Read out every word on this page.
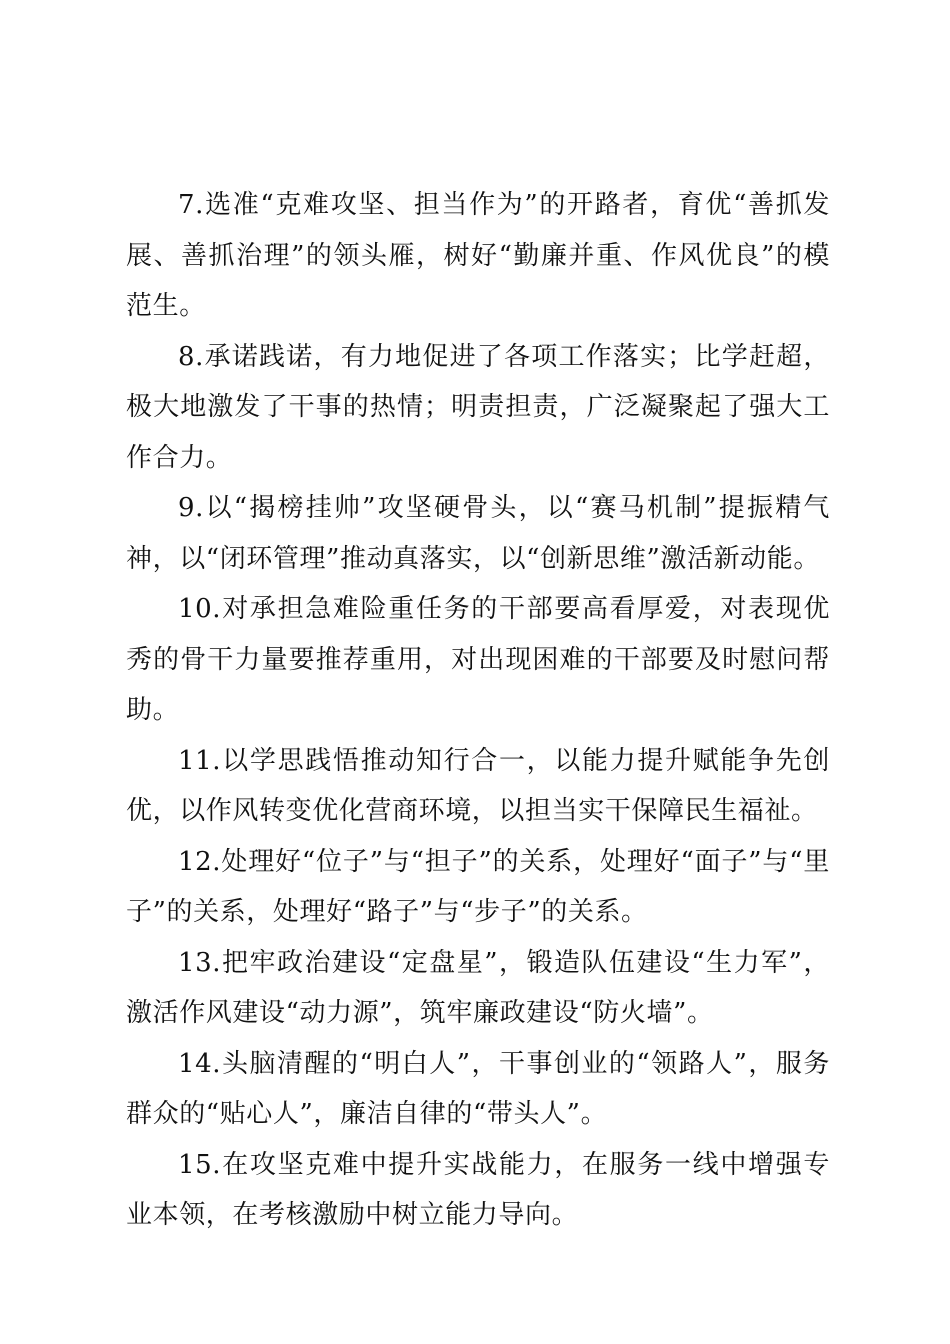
7.选准“克难攻坚、担当作为”的开路者，育优“善抓发展、善抓治理”的领头雁，树好“勤廉并重、作风优良”的模范生。

8.承诺践诺，有力地促进了各项工作落实；比学赶超，极大地激发了干事的热情；明责担责，广泛凝聚起了强大工作合力。

9.以“揭榜挂帅”攻坚硬骨头，以“赛马机制”提振精气神，以“闭环管理”推动真落实，以“创新思维”激活新动能。

10.对承担急难险重任务的干部要高看厚爱，对表现优秀的骨干力量要推荐重用，对出现困难的干部要及时慰问帮助。

11.以学思践悟推动知行合一，以能力提升赋能争先创优，以作风转变优化营商环境，以担当实干保障民生福祉。

12.处理好“位子”与“担子”的关系，处理好“面子”与“里子”的关系，处理好“路子”与“步子”的关系。

13.把牢政治建设“定盘星”，锻造队伍建设“生力军”，激活作风建设“动力源”，筑牢廉政建设“防火墙”。

14.头脑清醒的“明白人”，干事创业的“领路人”，服务群众的“贴心人”，廉洁自律的“带头人”。

15.在攻坚克难中提升实战能力，在服务一线中增强专业本领，在考核激励中树立能力导向。
